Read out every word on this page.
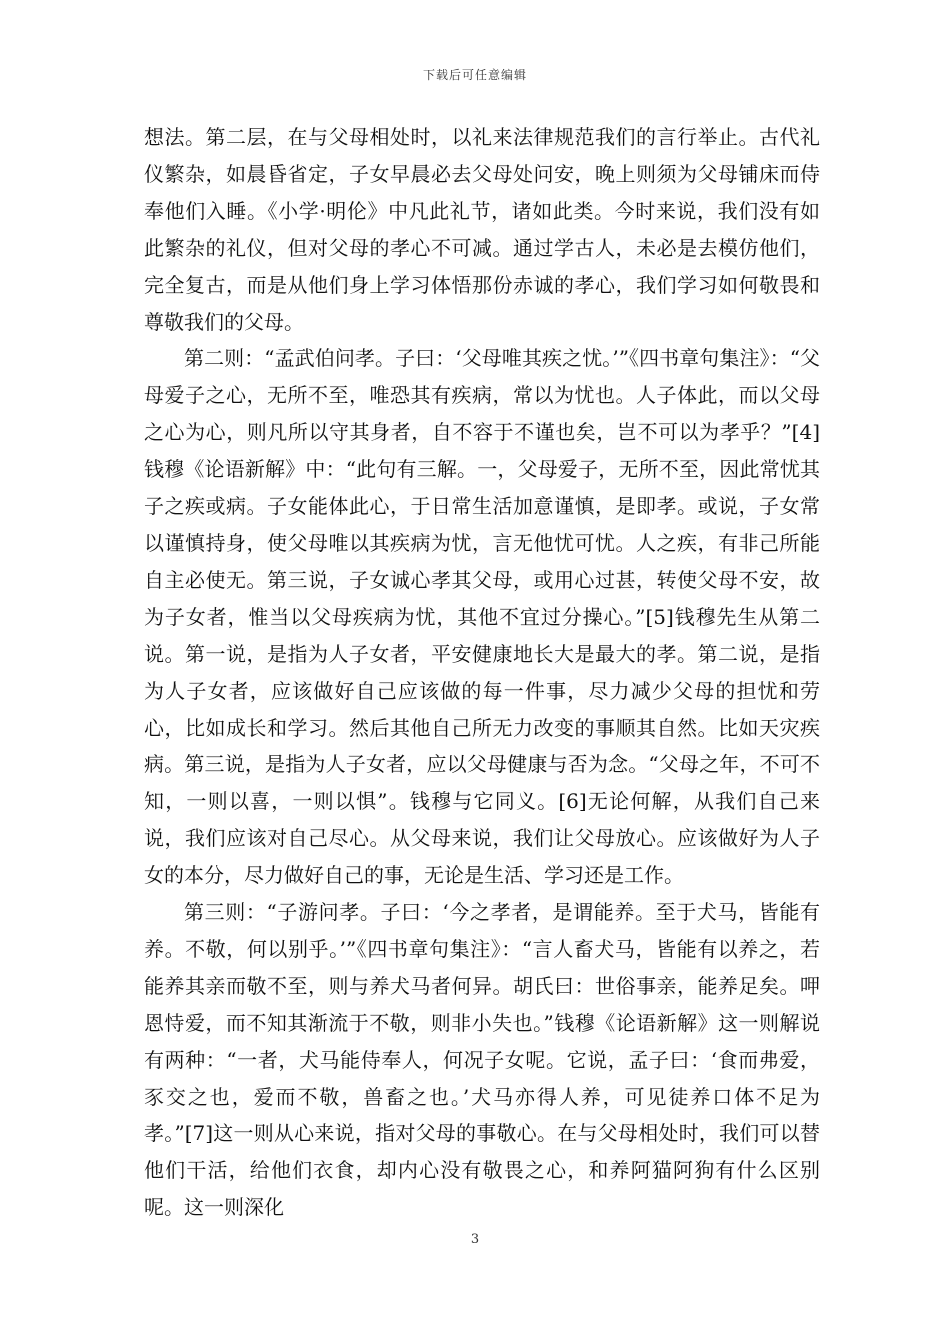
下载后可任意编辑

想法。第二层，在与父母相处时，以礼来法律规范我们的言行举止。古代礼仪繁杂，如晨昏省定，子女早晨必去父母处问安，晚上则须为父母铺床而侍奉他们入睡。《小学·明伦》中凡此礼节，诸如此类。今时来说，我们没有如此繁杂的礼仪，但对父母的孝心不可减。通过学古人，未必是去模仿他们，完全复古，而是从他们身上学习体悟那份赤诚的孝心，我们学习如何敬畏和尊敬我们的父母。

第二则：“孟武伯问孝。子曰：‘父母唯其疾之忧。’”《四书章句集注》：“父母爱子之心，无所不至，唯恐其有疾病，常以为忧也。人子体此，而以父母之心为心，则凡所以守其身者，自不容于不谨也矣，岂不可以为孝乎？”[4]钱穆《论语新解》中：“此句有三解。一，父母爱子，无所不至，因此常忧其子之疾或病。子女能体此心，于日常生活加意谨慎，是即孝。或说，子女常以谨慎持身，使父母唯以其疾病为忧，言无他忧可忧。人之疾，有非己所能自主必使无。第三说，子女诚心孝其父母，或用心过甚，转使父母不安，故为子女者，惟当以父母疾病为忧，其他不宜过分操心。”[5]钱穆先生从第二说。第一说，是指为人子女者，平安健康地长大是最大的孝。第二说，是指为人子女者，应该做好自己应该做的每一件事，尽力减少父母的担忧和劳心，比如成长和学习。然后其他自己所无力改变的事顺其自然。比如天灾疾病。第三说，是指为人子女者，应以父母健康与否为念。“父母之年，不可不知，一则以喜，一则以惧”。钱穆与它同义。[6]无论何解，从我们自己来说，我们应该对自己尽心。从父母来说，我们让父母放心。应该做好为人子女的本分，尽力做好自己的事，无论是生活、学习还是工作。

第三则：“子游问孝。子曰：‘今之孝者，是谓能养。至于犬马，皆能有养。不敬，何以别乎。’”《四书章句集注》：“言人畜犬马，皆能有以养之，若能养其亲而敬不至，则与养犬马者何异。胡氏曰：世俗事亲，能养足矣。呷恩恃爱，而不知其渐流于不敬，则非小失也。”钱穆《论语新解》这一则解说有两种：“一者，犬马能侍奉人，何况子女呢。它说，孟子曰：‘食而弗爱，豕交之也，爱而不敬，兽畜之也。’犬马亦得人养，可见徒养口体不足为孝。”[7]这一则从心来说，指对父母的事敬心。在与父母相处时，我们可以替他们干活，给他们衣食，却内心没有敬畏之心，和养阿猫阿狗有什么区别呢。这一则深化

3
